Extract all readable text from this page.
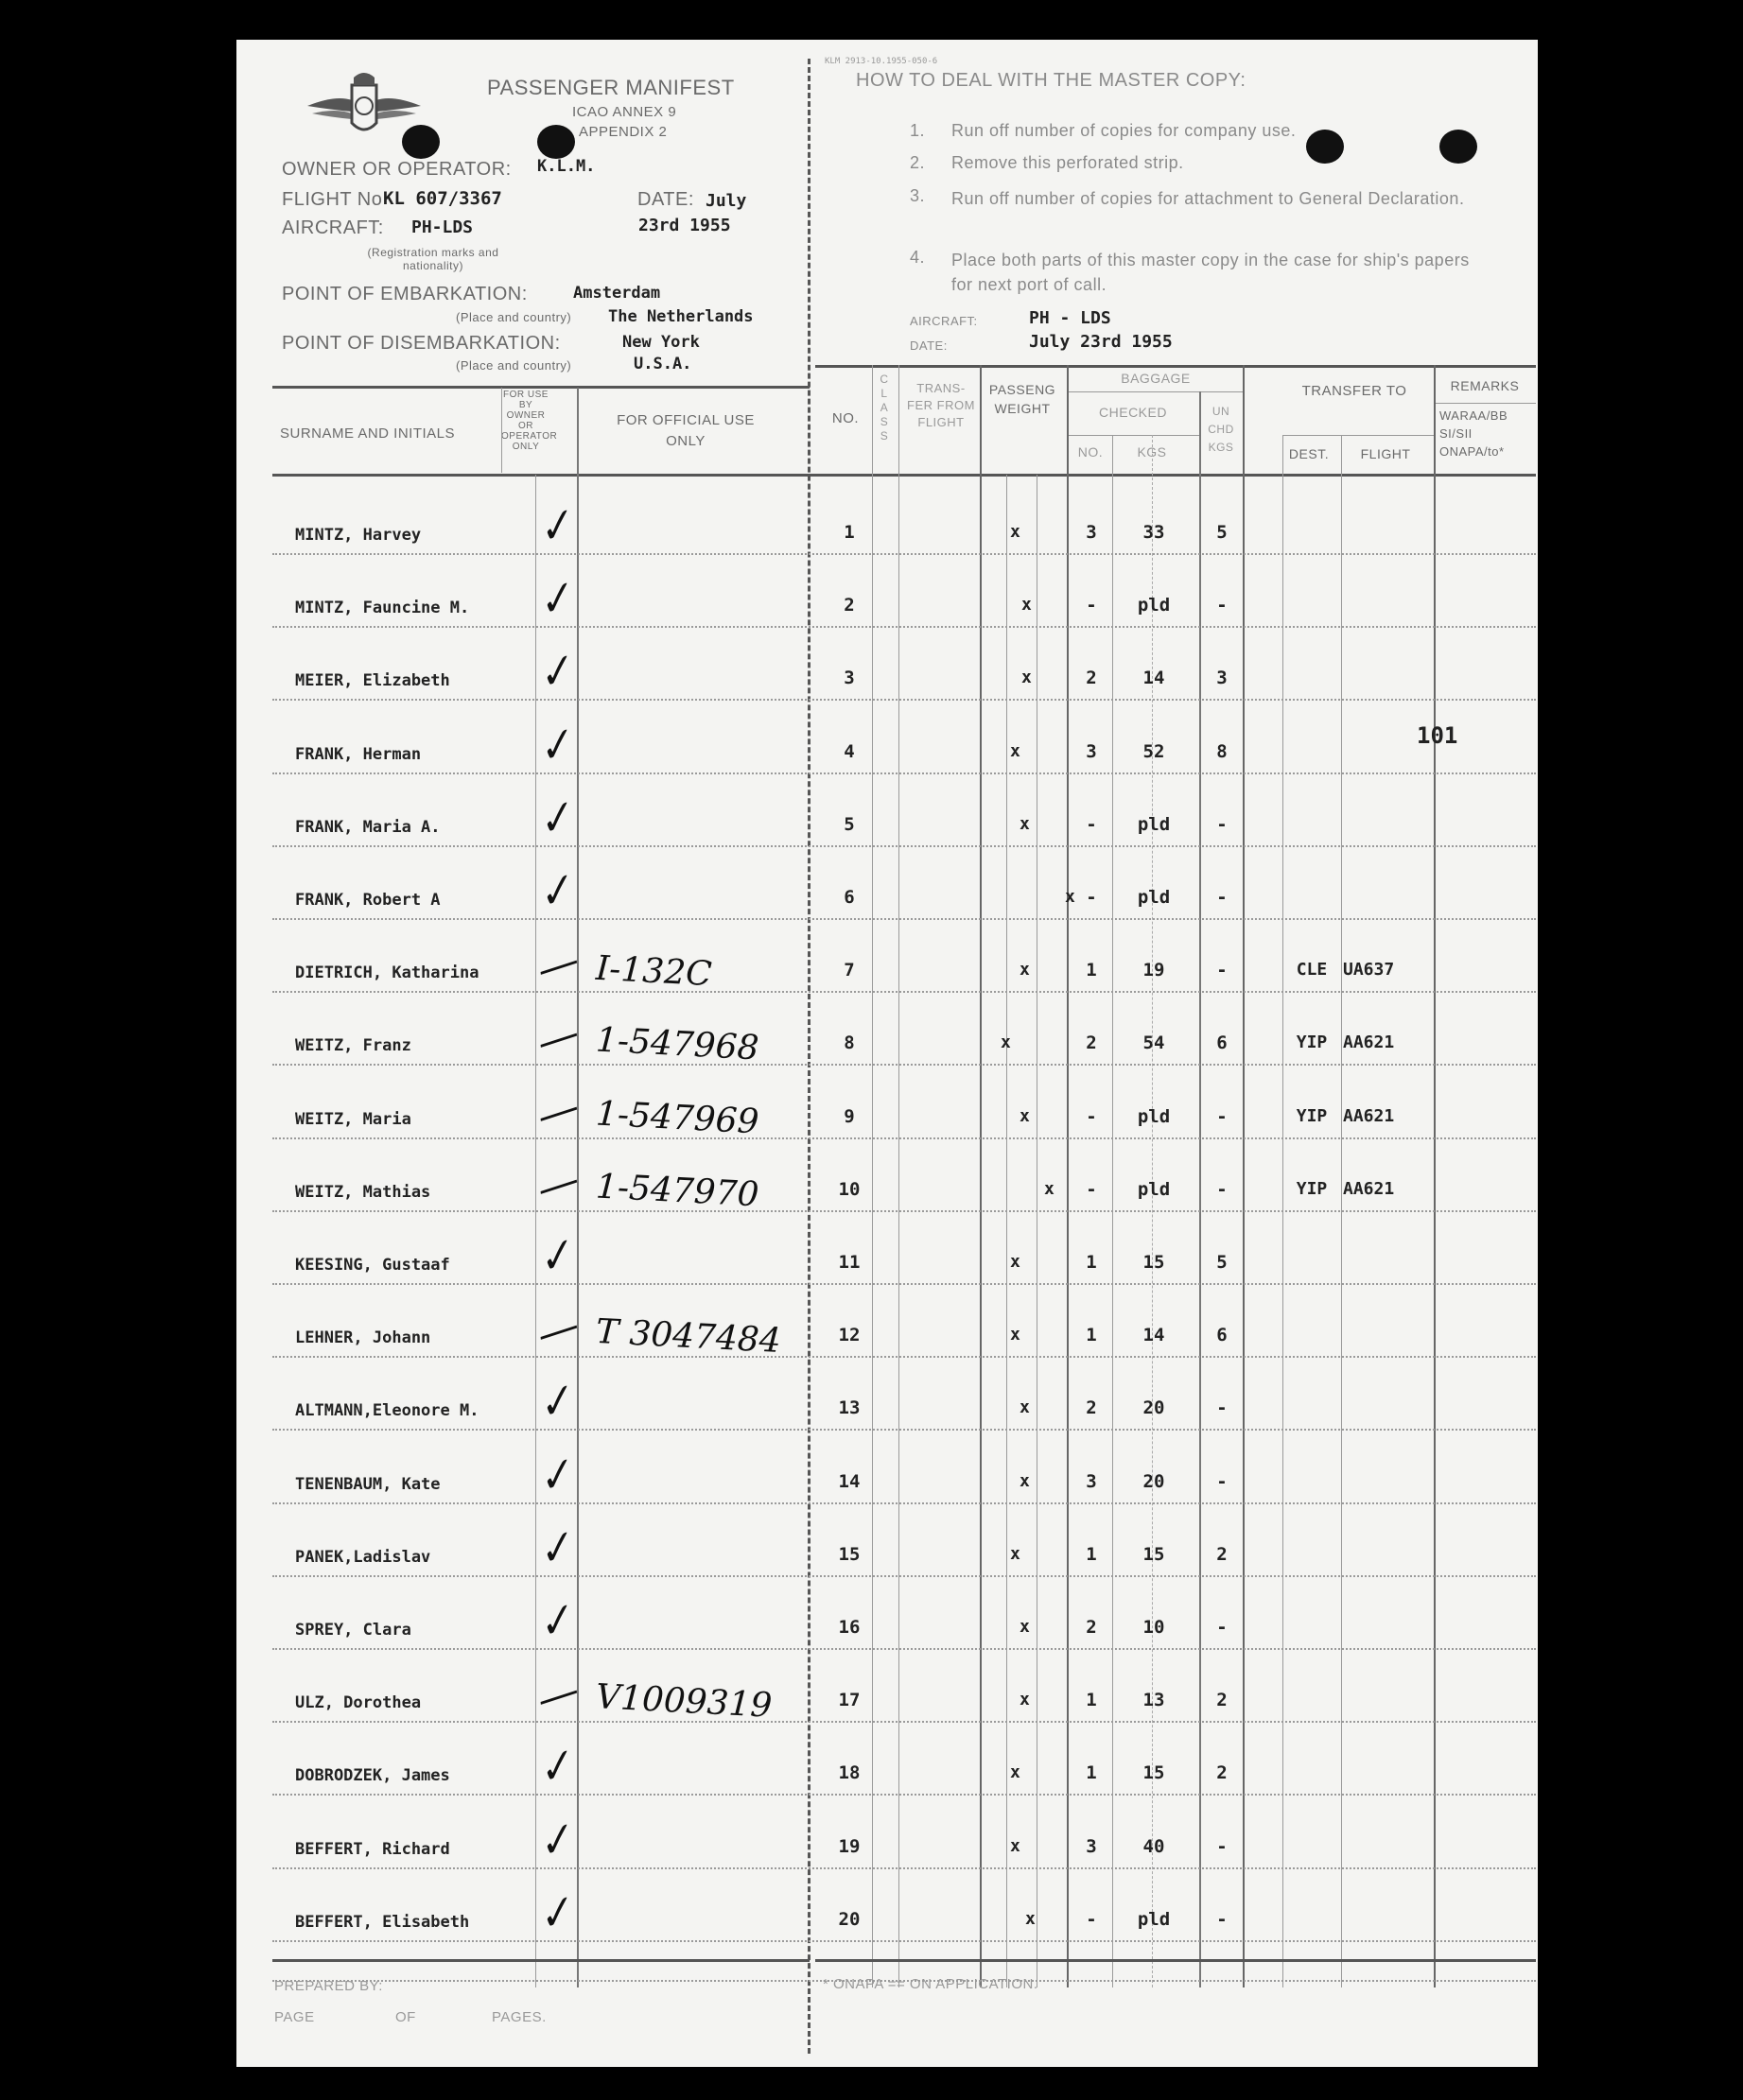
KLM 2913-10.1955-050-6
PASSENGER MANIFEST
ICAO ANNEX 9
APPENDIX 2
OWNER OR OPERATOR: K.L.M.
FLIGHT No KL 607/3367	DATE: July
23rd 1955
AIRCRAFT: PH-LDS
(Registration marks and nationality)
POINT OF EMBARKATION:	Amsterdam
(Place and country) The Netherlands
POINT OF DISEMBARKATION:	New York
(Place and country)	U.S.A.
HOW TO DEAL WITH THE MASTER COPY:
1. Run off number of copies for company use.
2. Remove this perforated strip.
3. Run off number of copies for attachment to General Declaration.
4. Place both parts of this master copy in the case for ship's papers for next port of call.
AIRCRAFT:	PH - LDS
DATE:	July 23rd 1955
SURNAME AND INITIALS
FOR USE BY OWNER OR OPERATOR ONLY
FOR OFFICIAL USE ONLY
NO.
CLASS
TRANS-FER FROM FLIGHT
PASSENG WEIGHT
BAGGAGE
CHECKED
NO.	KGS
UN CHD KGS
TRANSFER TO
DEST.	FLIGHT
REMARKS
WARAA/BB SI/SII ONAPA/to*
MINTZ, Harvey	✓	1	x	3	33	5
MINTZ, Fauncine M. ✓	2	x	-	pld	-
MEIER, Elizabeth ✓	3	x	2	14	3
FRANK, Herman	✓	4	x	3	52	8
FRANK, Maria A. ✓	5	x	-	pld	-
FRANK, Robert A ✓	6	x -	pld	-
DIETRICH, Katharina — I-132C	7	x	1	19	-	CLE UA637
WEITZ, Franz	— 1-547968	8	x	2	54	6	YIP AA621
WEITZ, Maria	— 1-547969	9	x	-	pld	-	YIP AA621
WEITZ, Mathias — 1-547970	10	x	-	pld	-	YIP AA621
KEESING, Gustaaf ✓	11	x	1	15	5
LEHNER, Johann — T 3047484	12	x	1	14	6
ALTMANN,Eleonore M. ✓	13	x	2	20	-
TENENBAUM, Kate ✓	14	x	3	20	-
PANEK,Ladislav ✓	15	x	1	15	2
SPREY, Clara	✓	16	x	2	10	-
ULZ, Dorothea	— V1009319	17	x	1	13	2
DOBRODZEK, James ✓	18	x	1	15	2
BEFFERT, Richard ✓	19	x	3	40	-
BEFFERT, Elisabeth ✓	20	x	-	pld	-
101
PREPARED BY:
PAGE	OF	PAGES.
* ONAPA == ON APPLICATION.
